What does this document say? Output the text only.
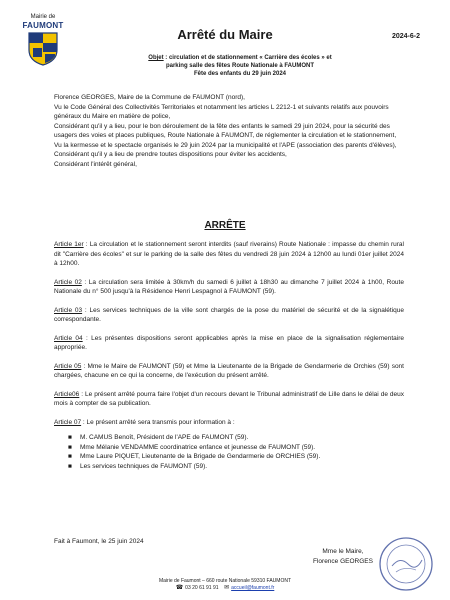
Mairie de
FAUMONT
Arrêté du Maire	2024-6-2

Objet : circulation et de stationnement « Carrière des écoles » et

parking salle des fêtes Route Nationale à FAUMONT

Fête des enfants du 29 juin 2024

Florence GEORGES, Maire de la Commune de FAUMONT (nord),

Vu le Code Général des Collectivités Territoriales et notamment les articles L 2212-1 et suivants relatifs aux pouvoirs généraux du Maire en matière de police,

Considérant qu'il y a lieu, pour le bon déroulement de la fête des enfants le samedi 29 juin 2024, pour la sécurité des usagers des voies et places publiques, Route Nationale à FAUMONT, de réglementer la circulation et le stationnement,

Vu la kermesse et le spectacle organisés le 29 juin 2024 par la municipalité et l'APE (association des parents d'élèves),

Considérant qu'il y a lieu de prendre toutes dispositions pour éviter les accidents,

Considérant l'intérêt général,

ARRÊTE

Article 1er : La circulation et le stationnement seront interdits (sauf riverains) Route Nationale : impasse du chemin rural dit "Carrière des écoles" et sur le parking de la salle des fêtes du vendredi 28 juin 2024 à 12h00 au lundi 01er juillet 2024 à 12h00.

Article 02 : La circulation sera limitée à 30km/h du samedi 6 juillet à 18h30 au dimanche 7 juillet 2024 à 1h00, Route Nationale du n° 500 jusqu'à la Résidence Henri Lespagnol à FAUMONT (59).

Article 03 : Les services techniques de la ville sont chargés de la pose du matériel de sécurité et de la signalétique correspondante.

Article 04 : Les présentes dispositions seront applicables après la mise en place de la signalisation réglementaire appropriée.

Article 05 : Mme le Maire de FAUMONT (59) et Mme la Lieutenante de la Brigade de Gendarmerie de Orchies (59) sont chargées, chacune en ce qui la concerne, de l'exécution du présent arrêté.

Article06 : Le présent arrêté pourra faire l'objet d'un recours devant le Tribunal administratif de Lille dans le délai de deux mois à compter de sa publication.

Article 07 : Le présent arrêté sera transmis pour information à :

■ M. CAMUS Benoît, Président de l'APE de FAUMONT (59).
■ Mme Mélanie VENDAMME coordinatrice enfance et jeunesse de FAUMONT (59).
■ Mme Laure PIQUET, Lieutenante de la Brigade de Gendarmerie de ORCHIES (59).
■ Les services techniques de FAUMONT (59).
Fait à Faumont, le 25 juin 2024
Mme le Maire,
Florence GEORGES
Mairie de Faumont – 660 route Nationale 59310 FAUMONT
☎ 03 20 61 91 91 ✉ accueil@faumont.fr
